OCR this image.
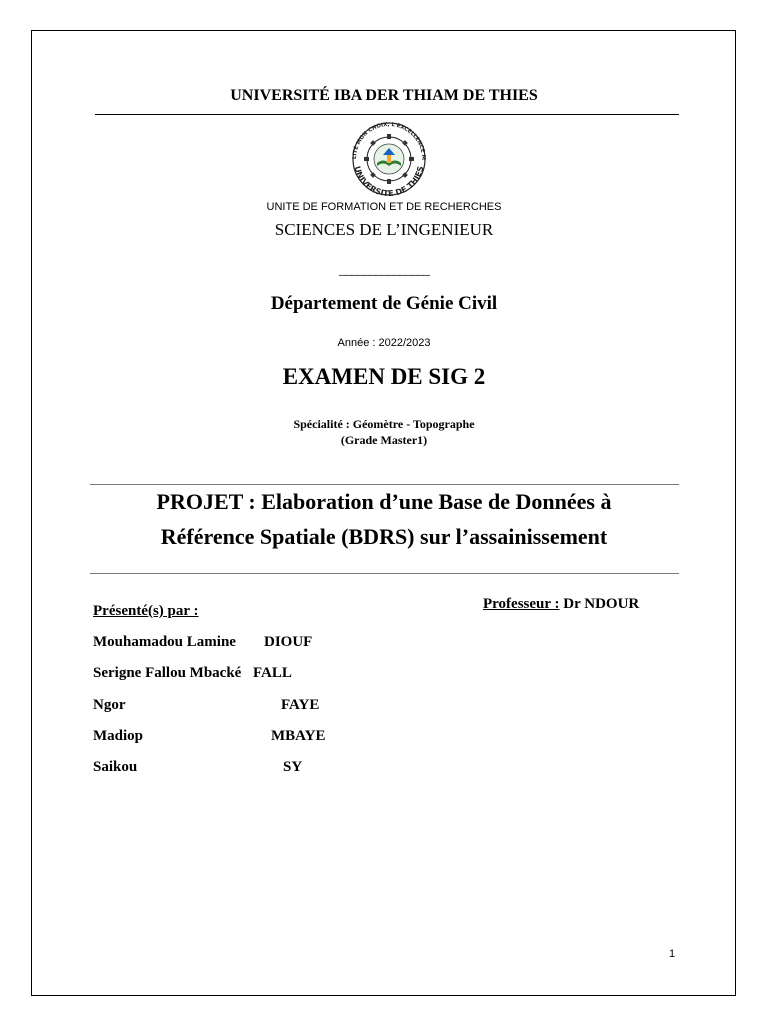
UNIVERSITÉ IBA DER THIAM DE THIES
LITÉ MON CHOIX, L'EXCELLENCE M
UNIVERSITE DE THIES
UNITE DE FORMATION ET DE RECHERCHES
SCIENCES DE L’INGENIEUR
_______________
Département de Génie Civil
Année : 2022/2023
EXAMEN DE SIG 2
Spécialité : Géomètre - Topographe
(Grade Master1)
PROJET : Elaboration d’une Base de Données à
Référence Spatiale (BDRS) sur l’assainissement
Professeur : Dr NDOUR
Présenté(s) par :
Mouhamadou Lamine DIOUF
Serigne Fallou Mbacké FALL
Ngor	FAYE
Madiop	MBAYE
Saikou	SY
1
